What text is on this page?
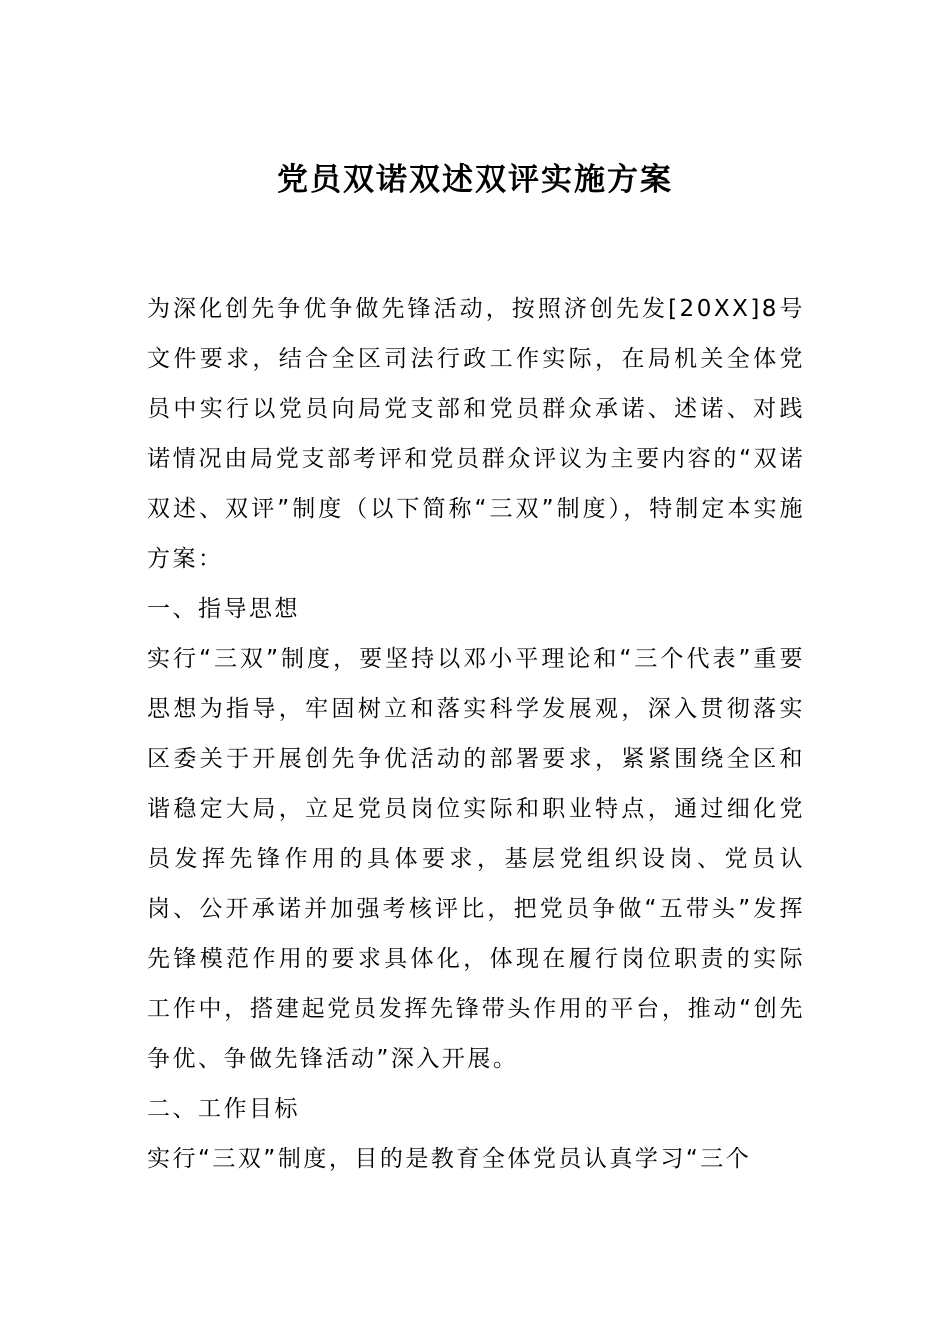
党员双诺双述双评实施方案

为深化创先争优争做先锋活动，按照济创先发[20XX]8号文件要求，结合全区司法行政工作实际，在局机关全体党员中实行以党员向局党支部和党员群众承诺、述诺、对践诺情况由局党支部考评和党员群众评议为主要内容的“双诺双述、双评”制度（以下简称“三双”制度），特制定本实施方案：

一、指导思想

实行“三双”制度，要坚持以邓小平理论和“三个代表”重要思想为指导，牢固树立和落实科学发展观，深入贯彻落实区委关于开展创先争优活动的部署要求，紧紧围绕全区和谐稳定大局，立足党员岗位实际和职业特点，通过细化党员发挥先锋作用的具体要求，基层党组织设岗、党员认岗、公开承诺并加强考核评比，把党员争做“五带头”发挥先锋模范作用的要求具体化，体现在履行岗位职责的实际工作中，搭建起党员发挥先锋带头作用的平台，推动“创先争优、争做先锋活动”深入开展。

二、工作目标

实行“三双”制度，目的是教育全体党员认真学习“三个
